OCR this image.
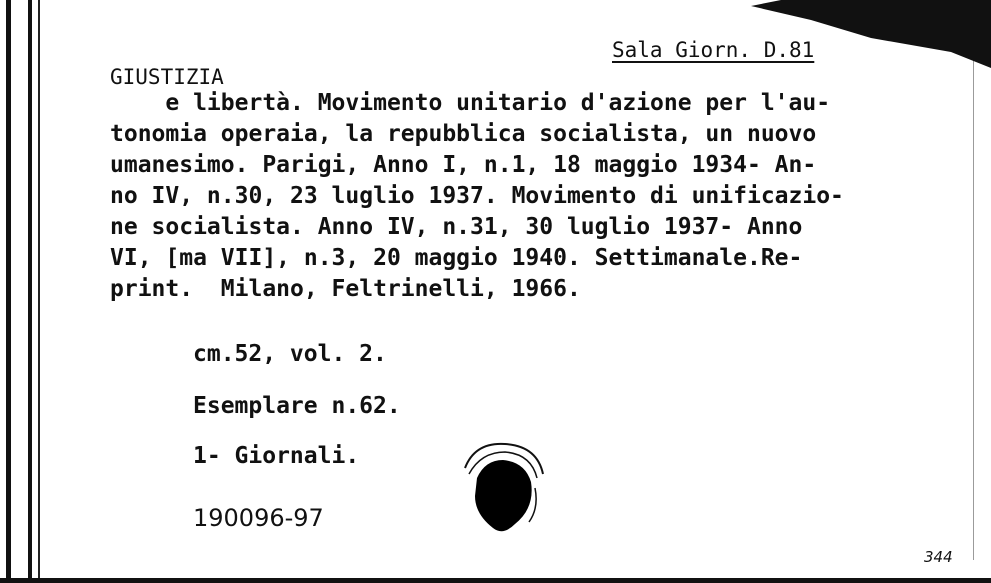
Sala Giorn. D.81
GIUSTIZIA
e libertà. Movimento unitario d'azione per l'au-
tonomia operaia, la repubblica socialista, un nuovo
umanesimo. Parigi, Anno I, n.1, 18 maggio 1934- An-
no IV, n.30, 23 luglio 1937. Movimento di unificazio-
ne socialista. Anno IV, n.31, 30 luglio 1937- Anno
VI, [ma VII], n.3, 20 maggio 1940. Settimanale.Re-
print.  Milano, Feltrinelli, 1966.
cm.52, vol. 2.
Esemplare n.62.
1- Giornali.
190096-97
344
